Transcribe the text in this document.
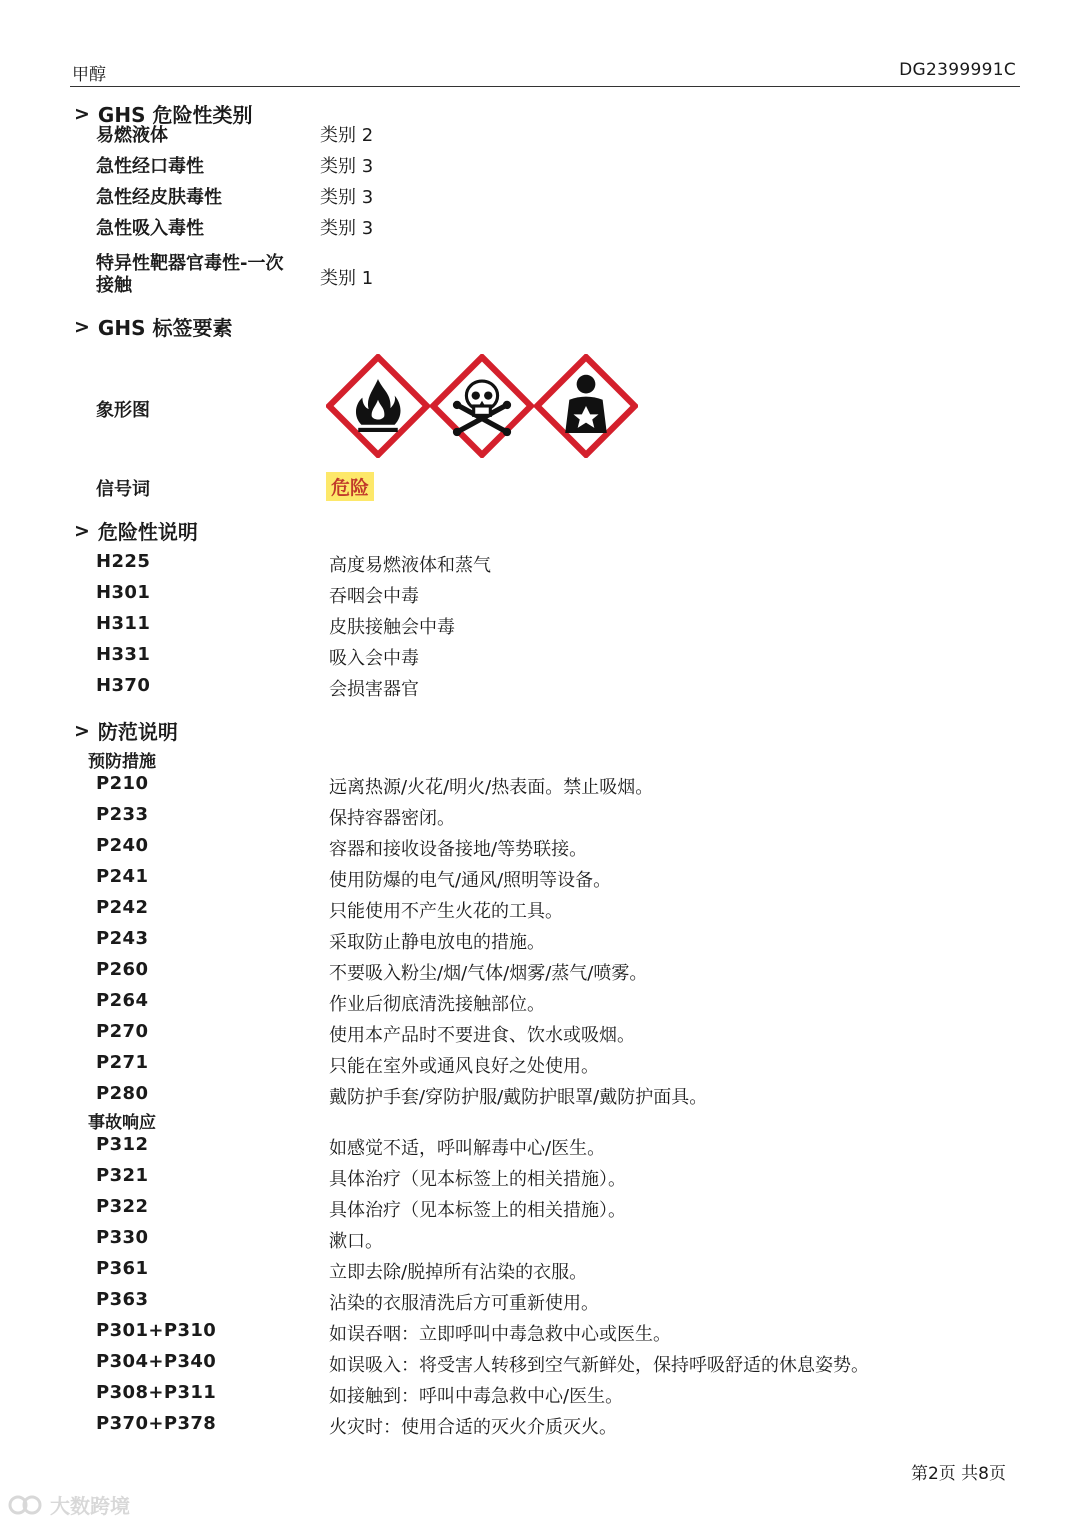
甲醇	DG2399991C
> GHS 危险性类别
易燃液体	类别 2
急性经口毒性	类别 3
急性经皮肤毒性	类别 3
急性吸入毒性	类别 3
特异性靶器官毒性-一次
接触	类别 1
> GHS 标签要素
象形图
信号词	危险
> 危险性说明
H225	高度易燃液体和蒸气
H301	吞咽会中毒
H311	皮肤接触会中毒
H331	吸入会中毒
H370	会损害器官
> 防范说明
预防措施
P210	远离热源/火花/明火/热表面。禁止吸烟。
P233	保持容器密闭。
P240	容器和接收设备接地/等势联接。
P241	使用防爆的电气/通风/照明等设备。
P242	只能使用不产生火花的工具。
P243	采取防止静电放电的措施。
P260	不要吸入粉尘/烟/气体/烟雾/蒸气/喷雾。
P264	作业后彻底清洗接触部位。
P270	使用本产品时不要进食、饮水或吸烟。
P271	只能在室外或通风良好之处使用。
P280	戴防护手套/穿防护服/戴防护眼罩/戴防护面具。
事故响应
P312	如感觉不适，呼叫解毒中心/医生。
P321	具体治疗（见本标签上的相关措施）。
P322	具体治疗（见本标签上的相关措施）。
P330	漱口。
P361	立即去除/脱掉所有沾染的衣服。
P363	沾染的衣服清洗后方可重新使用。
P301+P310	如误吞咽：立即呼叫中毒急救中心或医生。
P304+P340	如误吸入：将受害人转移到空气新鲜处，保持呼吸舒适的休息姿势。
P308+P311	如接触到：呼叫中毒急救中心/医生。
P370+P378	火灾时：使用合适的灭火介质灭火。
第2页 共8页
大数跨境
